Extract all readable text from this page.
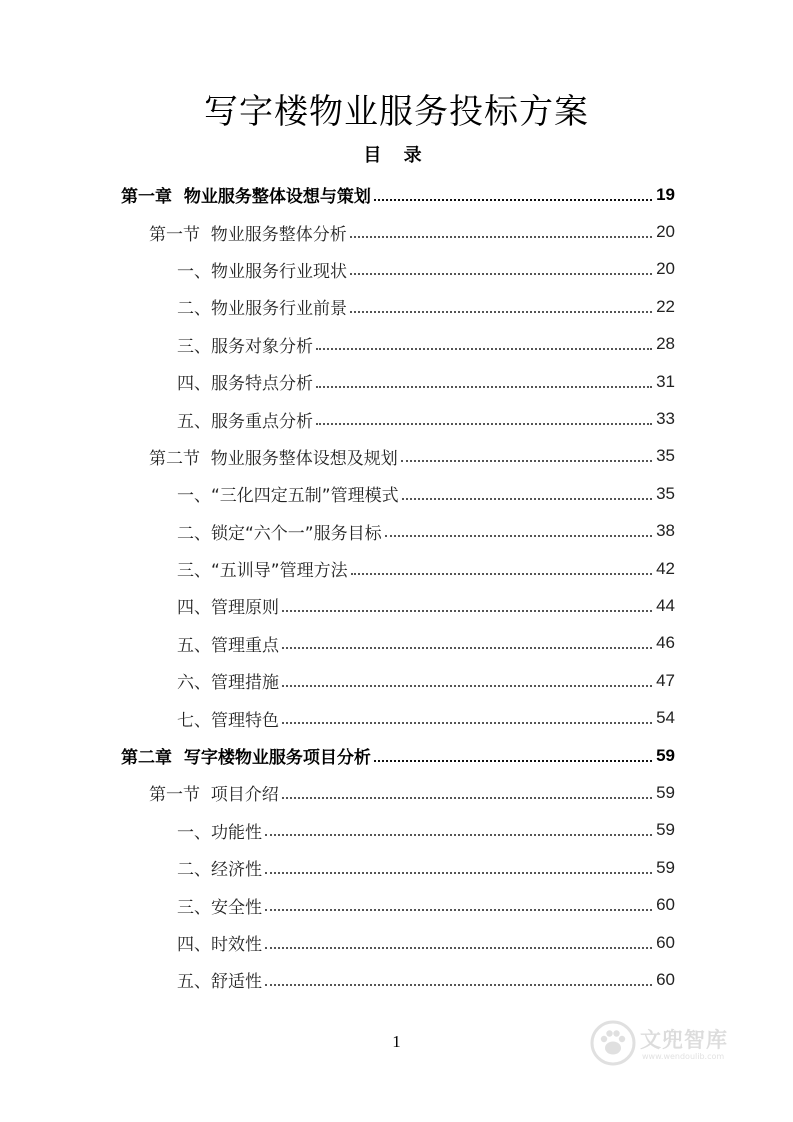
写字楼物业服务投标方案
目 录
第一章  物业服务整体设想与策划	19
第一节  物业服务整体分析	20
一、物业服务行业现状	20
二、物业服务行业前景	22
三、服务对象分析	28
四、服务特点分析	31
五、服务重点分析	33
第二节  物业服务整体设想及规划	35
一、“三化四定五制”管理模式	35
二、锁定“六个一”服务目标	38
三、“五训导”管理方法	42
四、管理原则	44
五、管理重点	46
六、管理措施	47
七、管理特色	54
第二章  写字楼物业服务项目分析	59
第一节  项目介绍	59
一、功能性	59
二、经济性	59
三、安全性	60
四、时效性	60
五、舒适性	60
1	文兜智库
www.wendoulib.com
